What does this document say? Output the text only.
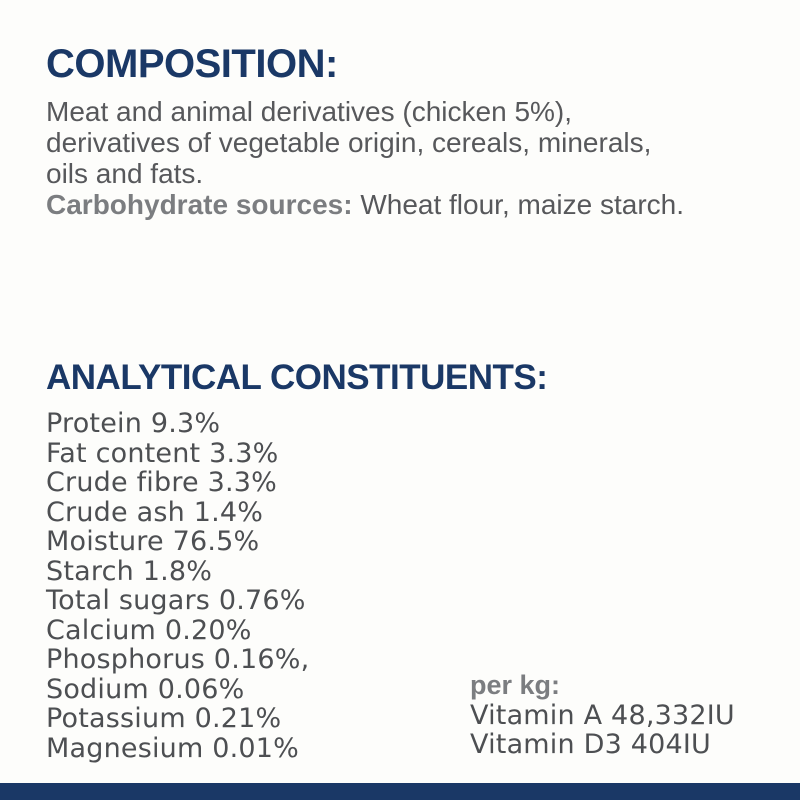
COMPOSITION:
Meat and animal derivatives (chicken 5%),
derivatives of vegetable origin, cereals, minerals,
oils and fats.
Carbohydrate sources: Wheat flour, maize starch.
ANALYTICAL CONSTITUENTS:
Protein 9.3%
Fat content 3.3%
Crude fibre 3.3%
Crude ash 1.4%
Moisture 76.5%
Starch 1.8%
Total sugars 0.76%
Calcium 0.20%
Phosphorus 0.16%,
Sodium 0.06%
Potassium 0.21%
Magnesium 0.01%
per kg:
Vitamin A 48,332IU
Vitamin D3 404IU
